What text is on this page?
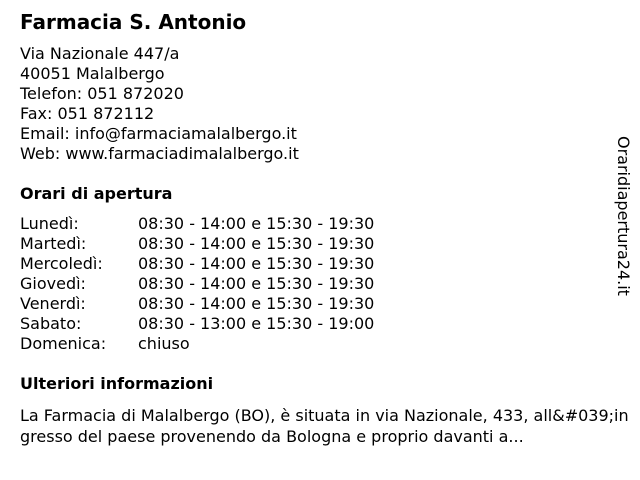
Farmacia S. Antonio
Via Nazionale 447/a
40051 Malalbergo
Telefon: 051 872020
Fax: 051 872112
Email: info@farmaciamalalbergo.it
Web: www.farmaciadimalalbergo.it
Orari di apertura
Lunedì:	08:30 - 14:00 e 15:30 - 19:30
Martedì:	08:30 - 14:00 e 15:30 - 19:30
Mercoledì:	08:30 - 14:00 e 15:30 - 19:30
Giovedì:	08:30 - 14:00 e 15:30 - 19:30
Venerdì:	08:30 - 14:00 e 15:30 - 19:30
Sabato:	08:30 - 13:00 e 15:30 - 19:00
Domenica:	chiuso
Ulteriori informazioni
La Farmacia di Malalbergo (BO), è situata in via Nazionale, 433, all&#039;ingresso del paese provenendo da Bologna e proprio davanti a...
Oraridiapertura24.it
